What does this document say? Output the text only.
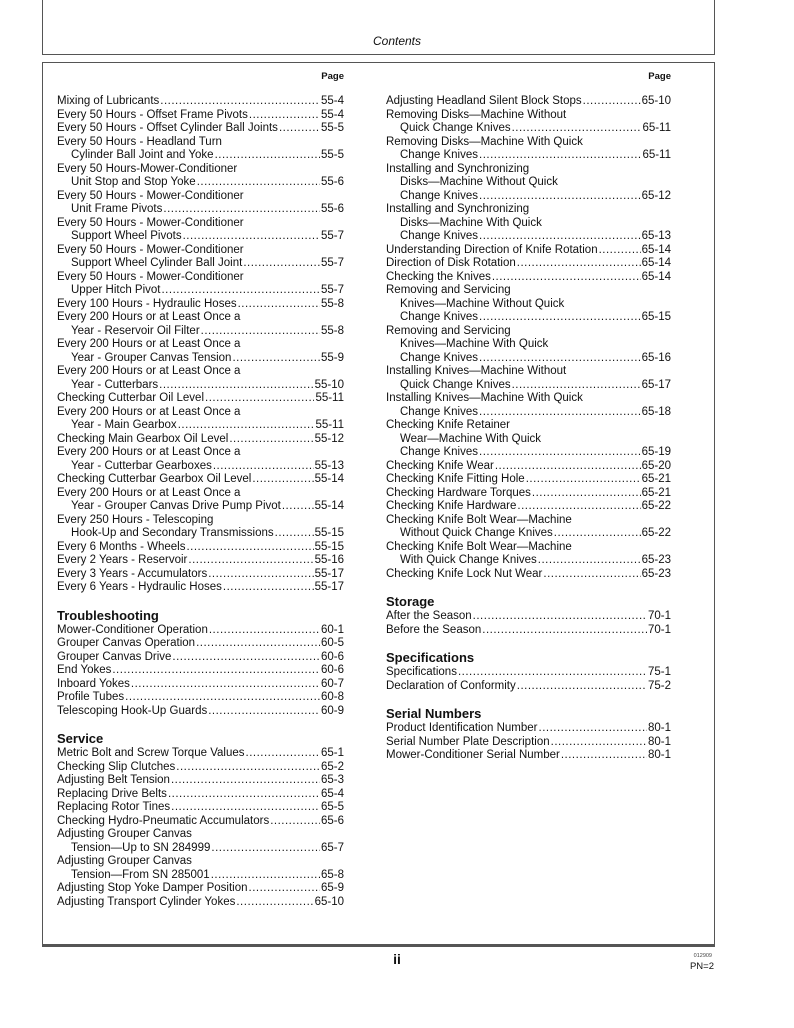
Contents
Page
Mixing of Lubricants .....	55-4
Every 50 Hours - Offset Frame Pivots .....	55-4
Every 50 Hours - Offset Cylinder Ball Joints .....	55-5
Every 50 Hours - Headland Turn
Cylinder Ball Joint and Yoke .....	55-5
Every 50 Hours-Mower-Conditioner
Unit Stop and Stop Yoke .....	55-6
Every 50 Hours - Mower-Conditioner
Unit Frame Pivots .....	55-6
Every 50 Hours - Mower-Conditioner
Support Wheel Pivots .....	55-7
Every 50 Hours - Mower-Conditioner
Support Wheel Cylinder Ball Joint .....	55-7
Every 50 Hours - Mower-Conditioner
Upper Hitch Pivot .....	55-7
Every 100 Hours - Hydraulic Hoses .....	55-8
Every 200 Hours or at Least Once a
Year - Reservoir Oil Filter .....	55-8
Every 200 Hours or at Least Once a
Year - Grouper Canvas Tension .....	55-9
Every 200 Hours or at Least Once a
Year - Cutterbars .....	55-10
Checking Cutterbar Oil Level .....	55-11
Every 200 Hours or at Least Once a
Year - Main Gearbox .....	55-11
Checking Main Gearbox Oil Level .....	55-12
Every 200 Hours or at Least Once a
Year - Cutterbar Gearboxes .....	55-13
Checking Cutterbar Gearbox Oil Level .....	55-14
Every 200 Hours or at Least Once a
Year - Grouper Canvas Drive Pump Pivot .....	55-14
Every 250 Hours - Telescoping
Hook-Up and Secondary Transmissions .....	55-15
Every 6 Months - Wheels .....	55-15
Every 2 Years - Reservoir .....	55-16
Every 3 Years - Accumulators .....	55-17
Every 6 Years - Hydraulic Hoses .....	55-17
Troubleshooting
Mower-Conditioner Operation .....	60-1
Grouper Canvas Operation .....	60-5
Grouper Canvas Drive .....	60-6
End Yokes .....	60-6
Inboard Yokes .....	60-7
Profile Tubes .....	60-8
Telescoping Hook-Up Guards .....	60-9
Service
Metric Bolt and Screw Torque Values .....	65-1
Checking Slip Clutches .....	65-2
Adjusting Belt Tension .....	65-3
Replacing Drive Belts .....	65-4
Replacing Rotor Tines .....	65-5
Checking Hydro-Pneumatic Accumulators .....	65-6
Adjusting Grouper Canvas
Tension—Up to SN 284999 .....	65-7
Adjusting Grouper Canvas
Tension—From SN 285001 .....	65-8
Adjusting Stop Yoke Damper Position .....	65-9
Adjusting Transport Cylinder Yokes .....	65-10
Page
Adjusting Headland Silent Block Stops .....	65-10
Removing Disks—Machine Without
Quick Change Knives .....	65-11
Removing Disks—Machine With Quick
Change Knives .....	65-11
Installing and Synchronizing
Disks—Machine Without Quick
Change Knives .....	65-12
Installing and Synchronizing
Disks—Machine With Quick
Change Knives .....	65-13
Understanding Direction of Knife Rotation .....	65-14
Direction of Disk Rotation .....	65-14
Checking the Knives .....	65-14
Removing and Servicing
Knives—Machine Without Quick
Change Knives .....	65-15
Removing and Servicing
Knives—Machine With Quick
Change Knives .....	65-16
Installing Knives—Machine Without
Quick Change Knives .....	65-17
Installing Knives—Machine With Quick
Change Knives .....	65-18
Checking Knife Retainer
Wear—Machine With Quick
Change Knives .....	65-19
Checking Knife Wear .....	65-20
Checking Knife Fitting Hole .....	65-21
Checking Hardware Torques .....	65-21
Checking Knife Hardware .....	65-22
Checking Knife Bolt Wear—Machine
Without Quick Change Knives .....	65-22
Checking Knife Bolt Wear—Machine
With Quick Change Knives .....	65-23
Checking Knife Lock Nut Wear .....	65-23
Storage
After the Season .....	70-1
Before the Season .....	70-1
Specifications
Specifications .....	75-1
Declaration of Conformity .....	75-2
Serial Numbers
Product Identification Number .....	80-1
Serial Number Plate Description .....	80-1
Mower-Conditioner Serial Number .....	80-1
ii	012909
PN=2
